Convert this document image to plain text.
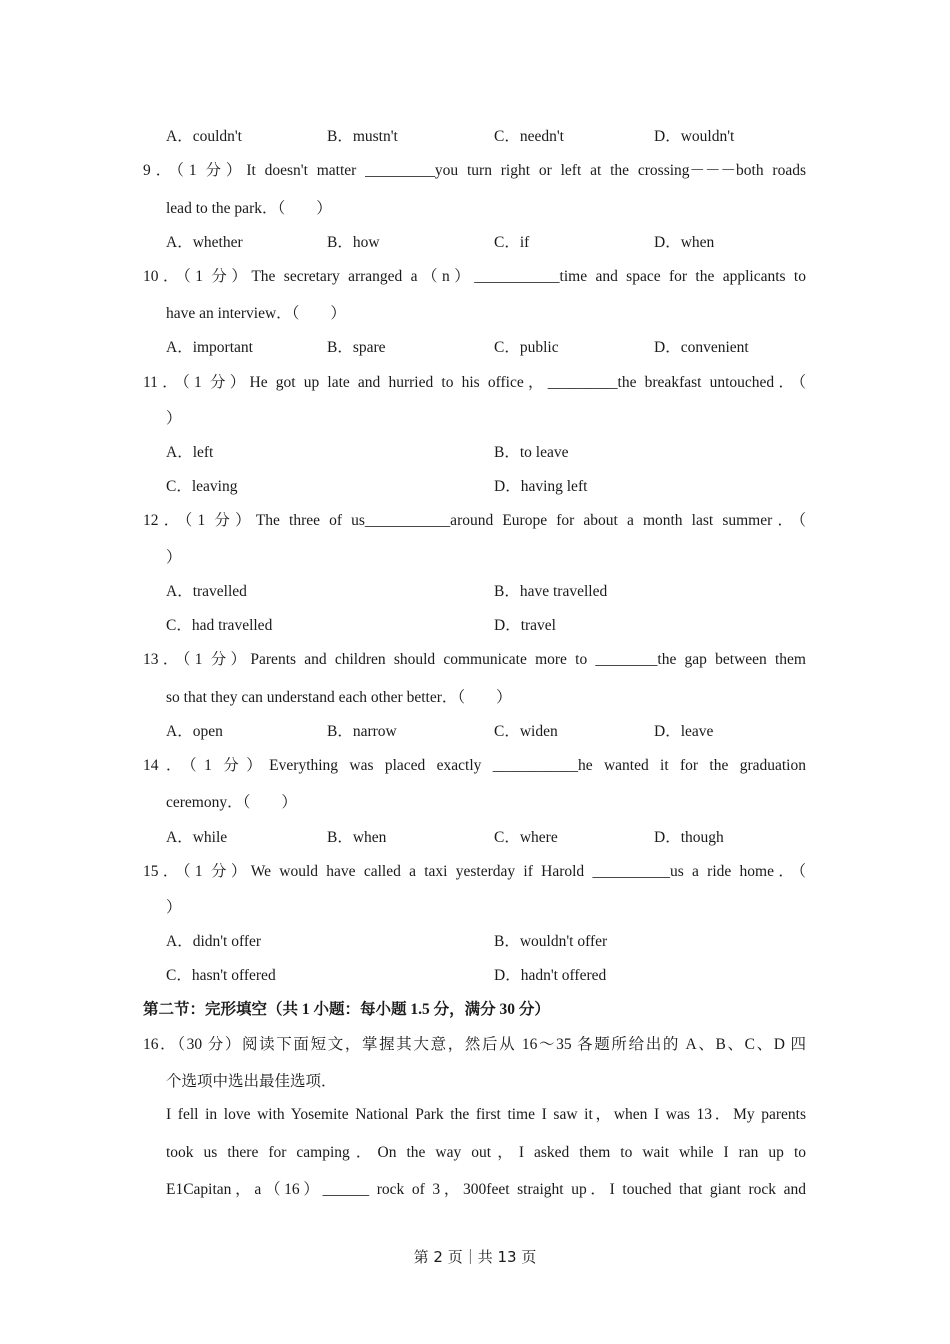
A．couldn't	B．mustn't	C．needn't	D．wouldn't
9．（1 分）It doesn't matter _________you turn right or left at the crossing－－－both roads
lead to the park．（　　）
A．whether	B．how	C．if	D．when
10．（1 分）The secretary arranged a（n）___________time and space for the applicants to
have an interview．（　　）
A．important	B．spare	C．public	D．convenient
11．（1 分）He got up late and hurried to his office，_________the breakfast untouched．（
）
A．left	B．to leave
C．leaving	D．having left
12．（1 分）The three of us___________around Europe for about a month last summer．（
）
A．travelled	B．have travelled
C．had travelled	D．travel
13．（1 分）Parents and children should communicate more to ________the gap between them
so that they can understand each other better．（　　）
A．open	B．narrow	C．widen	D．leave
14．（1 分）Everything was placed exactly ___________he wanted it for the graduation
ceremony．（　　）
A．while	B．when	C．where	D．though
15．（1 分）We would have called a taxi yesterday if Harold __________us a ride home．（
）
A．didn't offer	B．wouldn't offer
C．hasn't offered	D．hadn't offered
第二节：完形填空（共 1 小题：每小题 1.5 分，满分 30 分）
16．（30 分）阅读下面短文，掌握其大意，然后从 16～35 各题所给出的 A、B、C、D 四
个选项中选出最佳选项．
I fell in love with Yosemite National Park the first time I saw it，when I was 13．My parents
took us there for camping．On the way out，I asked them to wait while I ran up to
E1Capitan，a（16）______ rock of 3，300feet straight up．I touched that giant rock and
第 2 页｜共 13 页
